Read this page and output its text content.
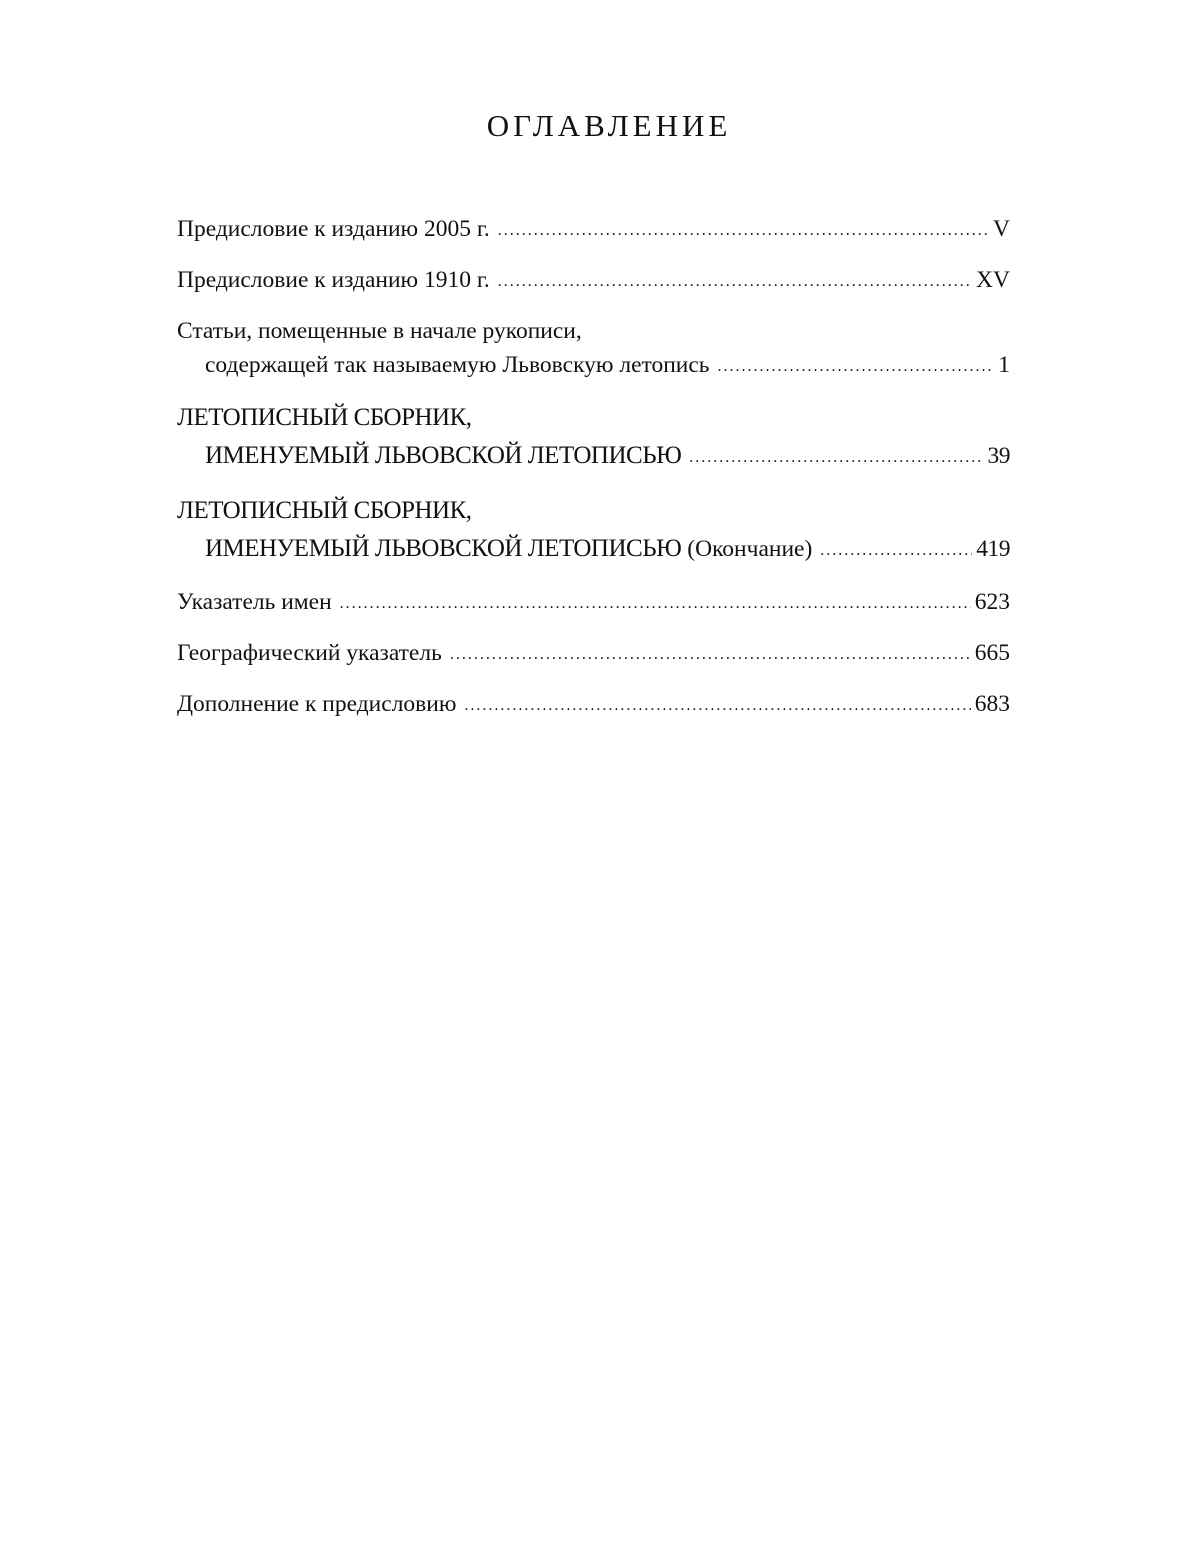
ОГЛАВЛЕНИЕ
Предисловие к изданию 2005 г. .....	V
Предисловие к изданию 1910 г. .....	XV
Статьи, помещенные в начале рукописи,
содержащей так называемую Львовскую летопись .....	1
ЛЕТОПИСНЫЙ СБОРНИК,
ИМЕНУЕМЫЙ ЛЬВОВСКОЙ ЛЕТОПИСЬЮ .....	39
ЛЕТОПИСНЫЙ СБОРНИК,
ИМЕНУЕМЫЙ ЛЬВОВСКОЙ ЛЕТОПИСЬЮ (Окончание) .....	419
Указатель имен .....	623
Географический указатель .....	665
Дополнение к предисловию .....	683
